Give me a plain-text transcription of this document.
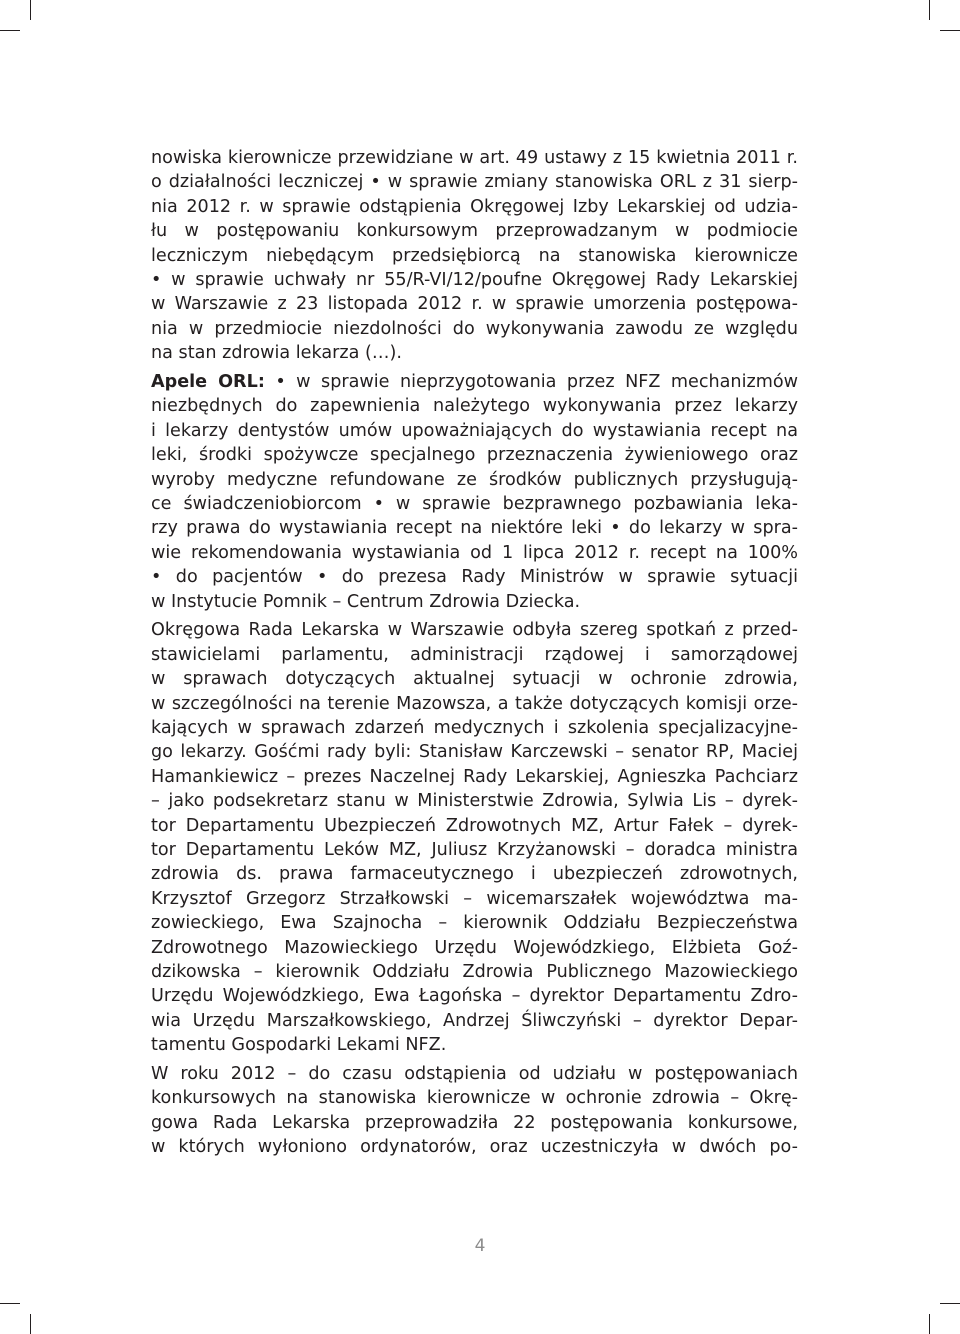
nowiska kierownicze przewidziane w art. 49 ustawy z 15 kwietnia 2011 r.
o działalności leczniczej • w sprawie zmiany stanowiska ORL z 31 sierp-
nia 2012 r. w sprawie odstąpienia Okręgowej Izby Lekarskiej od udzia-
łu w postępowaniu konkursowym przeprowadzanym w podmiocie
leczniczym niebędącym przedsiębiorcą na stanowiska kierownicze
• w sprawie uchwały nr 55/R-VI/12/poufne Okręgowej Rady Lekarskiej
w Warszawie z 23 listopada 2012 r. w sprawie umorzenia postępowa-
nia w przedmiocie niezdolności do wykonywania zawodu ze względu
na stan zdrowia lekarza (…).
Apele ORL: • w sprawie nieprzygotowania przez NFZ mechanizmów
niezbędnych do zapewnienia należytego wykonywania przez lekarzy
i lekarzy dentystów umów upoważniających do wystawiania recept na
leki, środki spożywcze specjalnego przeznaczenia żywieniowego oraz
wyroby medyczne refundowane ze środków publicznych przysługują-
ce świadczeniobiorcom • w sprawie bezprawnego pozbawiania leka-
rzy prawa do wystawiania recept na niektóre leki • do lekarzy w spra-
wie rekomendowania wystawiania od 1 lipca 2012 r. recept na 100%
• do pacjentów • do prezesa Rady Ministrów w sprawie sytuacji
w Instytucie Pomnik – Centrum Zdrowia Dziecka.
Okręgowa Rada Lekarska w Warszawie odbyła szereg spotkań z przed-
stawicielami parlamentu, administracji rządowej i samorządowej
w sprawach dotyczących aktualnej sytuacji w ochronie zdrowia,
w szczególności na terenie Mazowsza, a także dotyczących komisji orze-
kających w sprawach zdarzeń medycznych i szkolenia specjalizacyjne-
go lekarzy. Gośćmi rady byli: Stanisław Karczewski – senator RP, Maciej
Hamankiewicz – prezes Naczelnej Rady Lekarskiej, Agnieszka Pachciarz
– jako podsekretarz stanu w Ministerstwie Zdrowia, Sylwia Lis – dyrek-
tor Departamentu Ubezpieczeń Zdrowotnych MZ, Artur Fałek – dyrek-
tor Departamentu Leków MZ, Juliusz Krzyżanowski – doradca ministra
zdrowia ds. prawa farmaceutycznego i ubezpieczeń zdrowotnych,
Krzysztof Grzegorz Strzałkowski – wicemarszałek województwa ma-
zowieckiego, Ewa Szajnocha – kierownik Oddziału Bezpieczeństwa
Zdrowotnego Mazowieckiego Urzędu Wojewódzkiego, Elżbieta Goź-
dzikowska – kierownik Oddziału Zdrowia Publicznego Mazowieckiego
Urzędu Wojewódzkiego, Ewa Łagońska – dyrektor Departamentu Zdro-
wia Urzędu Marszałkowskiego, Andrzej Śliwczyński – dyrektor Depar-
tamentu Gospodarki Lekami NFZ.
W roku 2012 – do czasu odstąpienia od udziału w postępowaniach
konkursowych na stanowiska kierownicze w ochronie zdrowia – Okrę-
gowa Rada Lekarska przeprowadziła 22 postępowania konkursowe,
w których wyłoniono ordynatorów, oraz uczestniczyła w dwóch po-
4
